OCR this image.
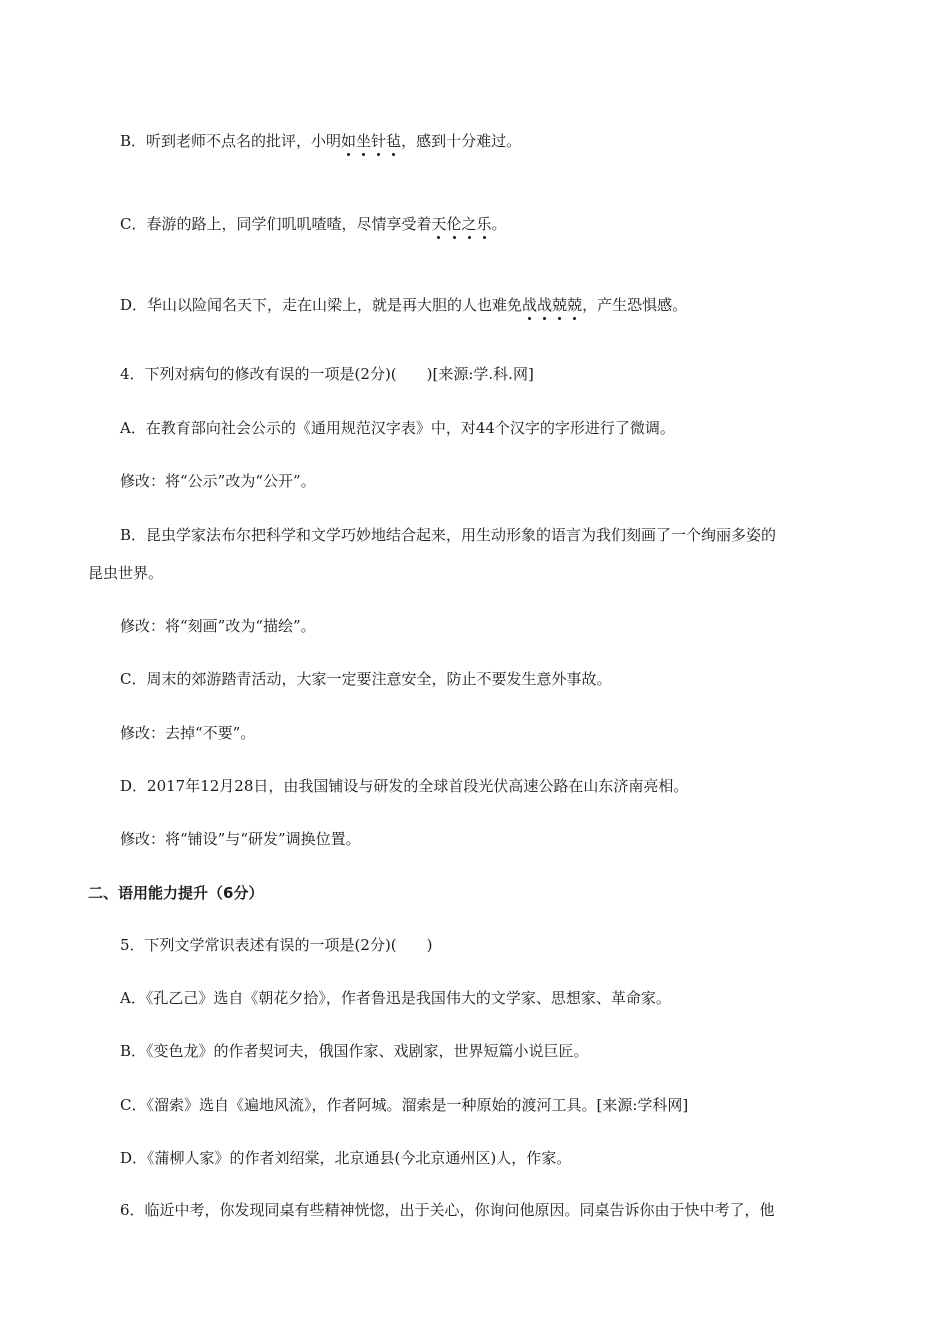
B．听到老师不点名的批评，小明如坐针毡，感到十分难过。
C．春游的路上，同学们叽叽喳喳，尽情享受着天伦之乐。
D．华山以险闻名天下，走在山梁上，就是再大胆的人也难免战战兢兢，产生恐惧感。
4．下列对病句的修改有误的一项是(2分)(　　)[来源:学.科.网]
A．在教育部向社会公示的《通用规范汉字表》中，对44个汉字的字形进行了微调。
修改：将“公示”改为“公开”。
B．昆虫学家法布尔把科学和文学巧妙地结合起来，用生动形象的语言为我们刻画了一个绚丽多姿的
昆虫世界。
修改：将“刻画”改为“描绘”。
C．周末的郊游踏青活动，大家一定要注意安全，防止不要发生意外事故。
修改：去掉“不要”。
D．2017年12月28日，由我国铺设与研发的全球首段光伏高速公路在山东济南亮相。
修改：将“铺设”与“研发”调换位置。
二、语用能力提升（6分）
5．下列文学常识表述有误的一项是(2分)(　　)
A．《孔乙己》选自《朝花夕拾》，作者鲁迅是我国伟大的文学家、思想家、革命家。
B．《变色龙》的作者契诃夫，俄国作家、戏剧家，世界短篇小说巨匠。
C．《溜索》选自《遍地风流》，作者阿城。溜索是一种原始的渡河工具。[来源:学科网]
D．《蒲柳人家》的作者刘绍棠，北京通县(今北京通州区)人，作家。
6．临近中考，你发现同桌有些精神恍惚，出于关心，你询问他原因。同桌告诉你由于快中考了，他
